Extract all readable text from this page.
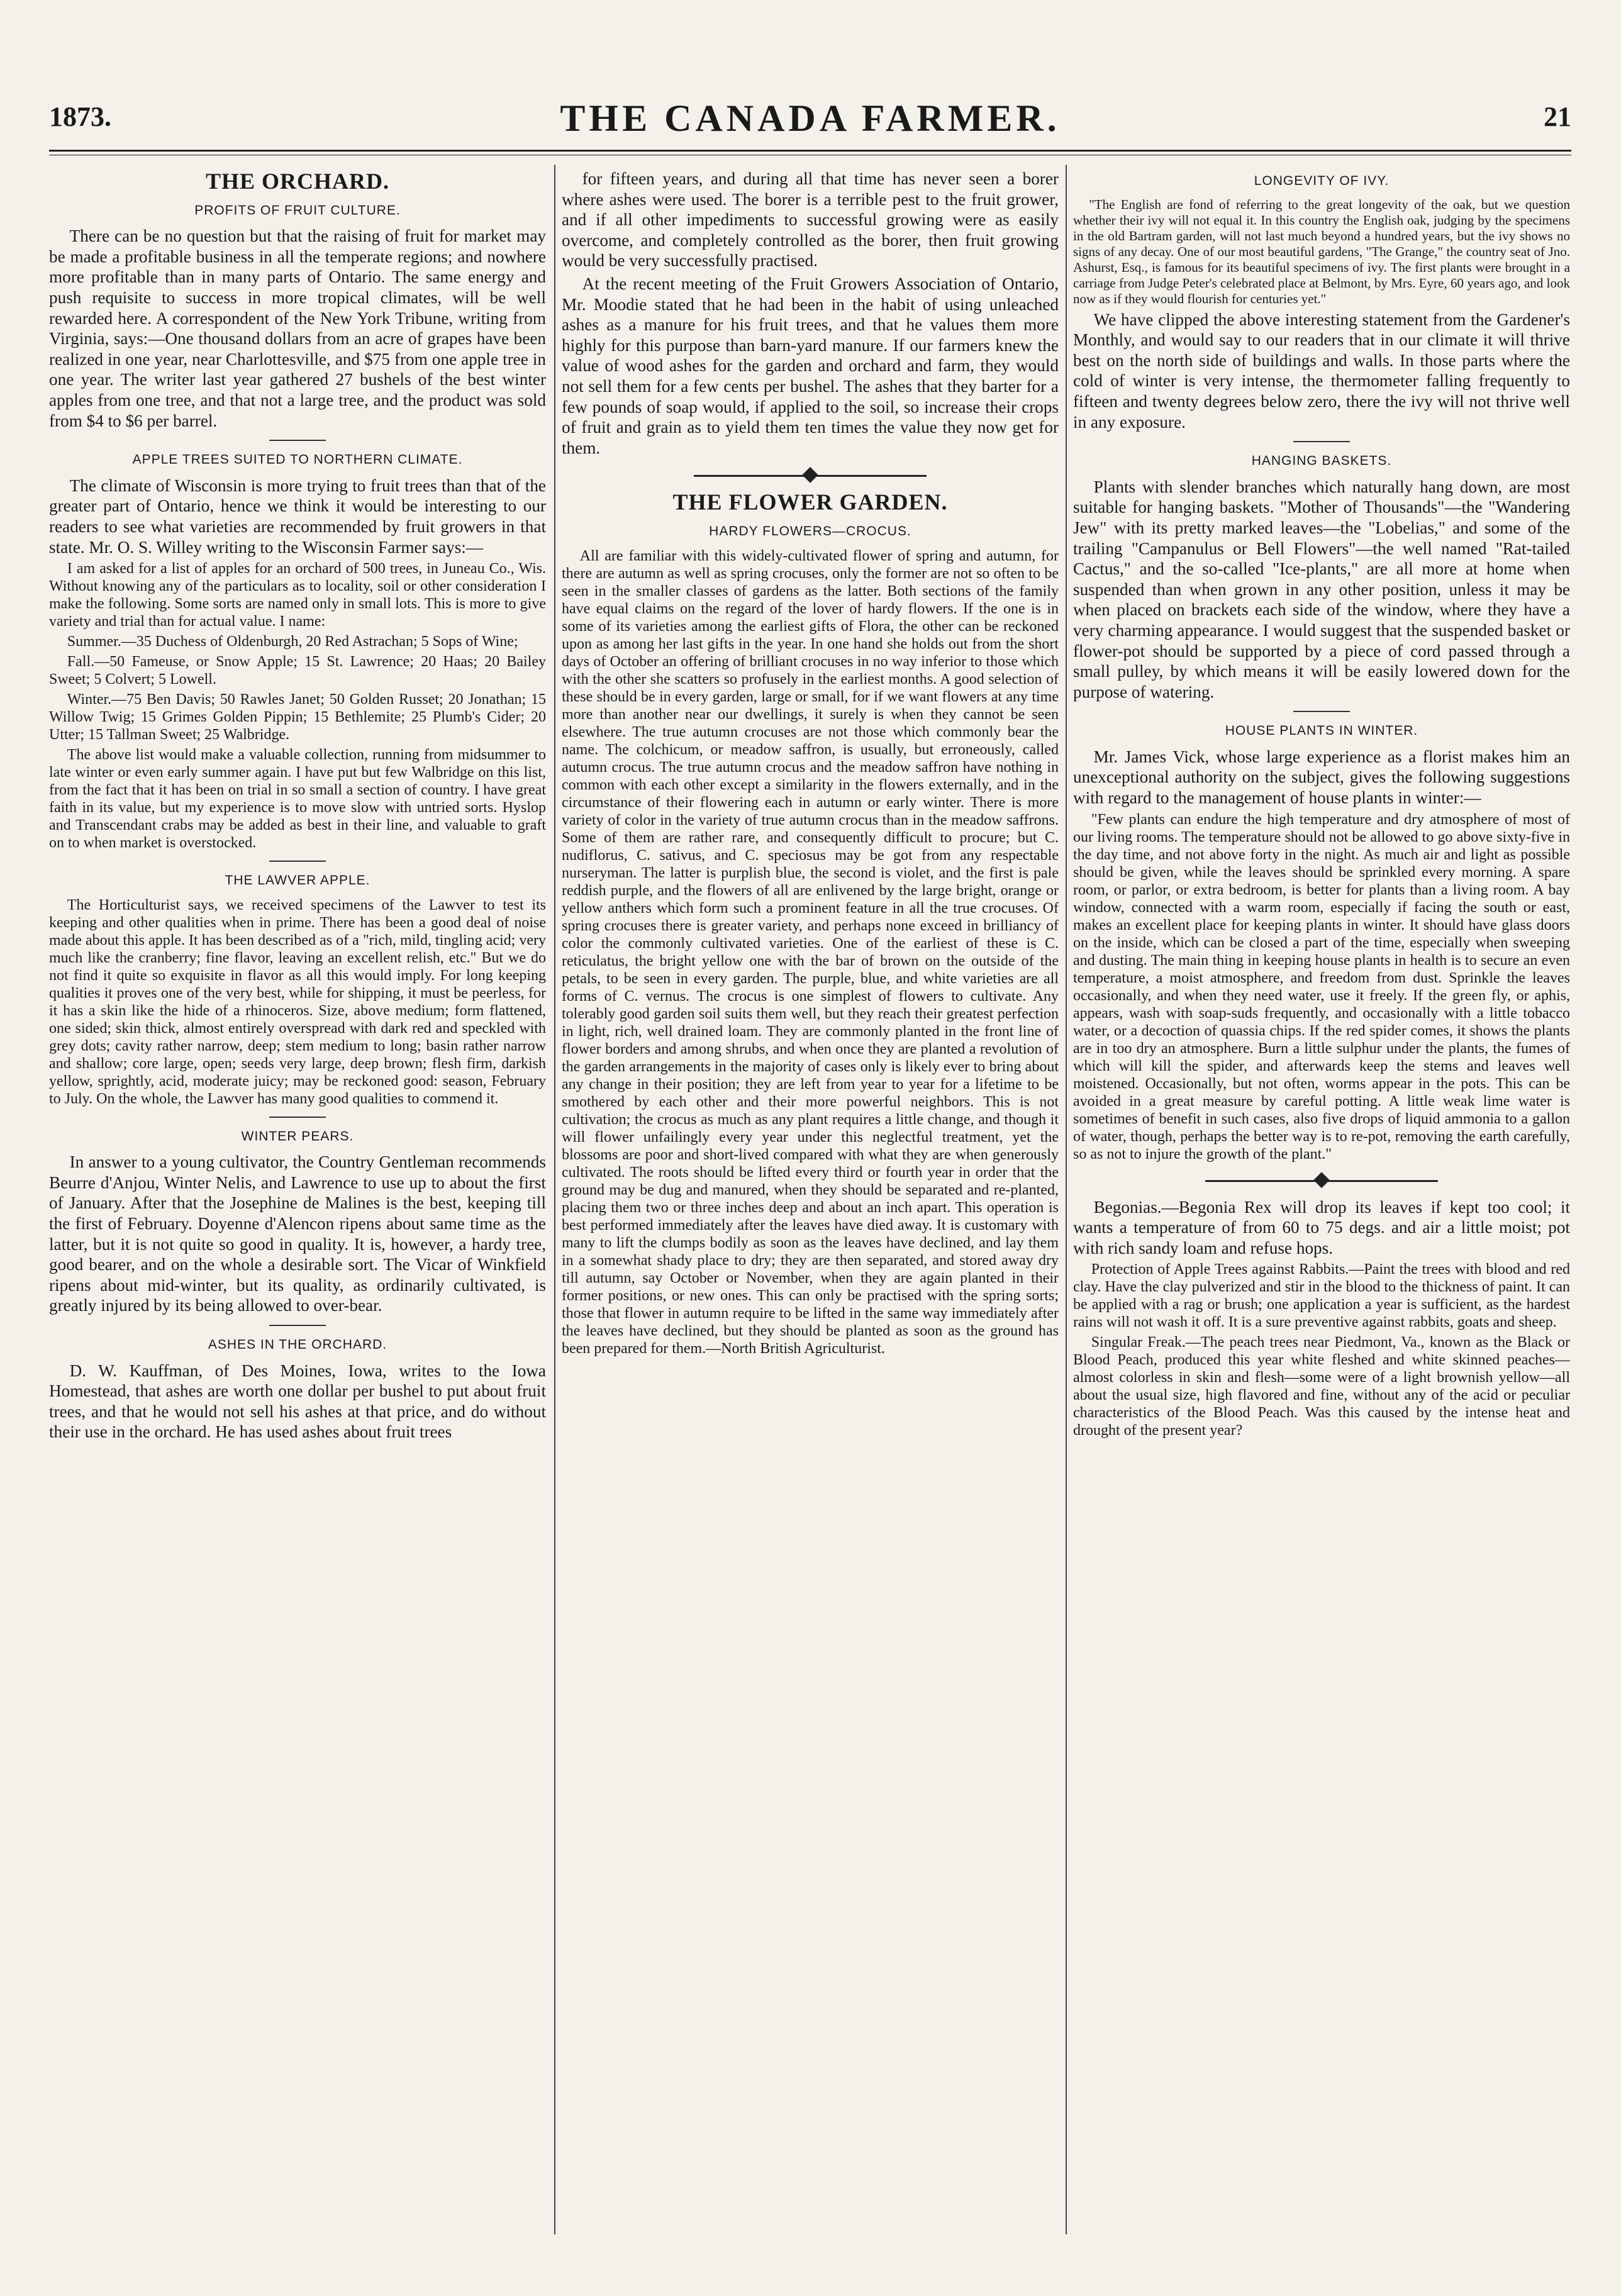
1873.	THE CANADA FARMER.	21
THE ORCHARD.
PROFITS OF FRUIT CULTURE.

There can be no question but that the raising of fruit for market may be made a profitable business in all the temperate regions; and nowhere more profitable than in many parts of Ontario. The same energy and push requisite to success in more tropical climates, will be well rewarded here. A correspondent of the New York Tribune, writing from Virginia, says:—One thousand dollars from an acre of grapes have been realized in one year, near Charlottesville, and $75 from one apple tree in one year. The writer last year gathered 27 bushels of the best winter apples from one tree, and that not a large tree, and the product was sold from $4 to $6 per barrel.

APPLE TREES SUITED TO NORTHERN CLIMATE.

The climate of Wisconsin is more trying to fruit trees than that of the greater part of Ontario, hence we think it would be interesting to our readers to see what varieties are recommended by fruit growers in that state. Mr. O. S. Willey writing to the Wisconsin Farmer says:—

I am asked for a list of apples for an orchard of 500 trees, in Juneau Co., Wis. Without knowing any of the particulars as to locality, soil or other consideration I make the following. Some sorts are named only in small lots. This is more to give variety and trial than for actual value. I name:

Summer.—35 Duchess of Oldenburgh, 20 Red Astrachan; 5 Sops of Wine;

Fall.—50 Fameuse, or Snow Apple; 15 St. Lawrence; 20 Haas; 20 Bailey Sweet; 5 Colvert; 5 Lowell.

Winter.—75 Ben Davis; 50 Rawles Janet; 50 Golden Russet; 20 Jonathan; 15 Willow Twig; 15 Grimes Golden Pippin; 15 Bethlemite; 25 Plumb's Cider; 20 Utter; 15 Tallman Sweet; 25 Walbridge.

The above list would make a valuable collection, running from midsummer to late winter or even early summer again. I have put but few Walbridge on this list, from the fact that it has been on trial in so small a section of country. I have great faith in its value, but my experience is to move slow with untried sorts. Hyslop and Transcendant crabs may be added as best in their line, and valuable to graft on to when market is overstocked.

THE LAWVER APPLE.

The Horticulturist says, we received specimens of the Lawver to test its keeping and other qualities when in prime. There has been a good deal of noise made about this apple. It has been described as of a "rich, mild, tingling acid; very much like the cranberry; fine flavor, leaving an excellent relish, etc." But we do not find it quite so exquisite in flavor as all this would imply. For long keeping qualities it proves one of the very best, while for shipping, it must be peerless, for it has a skin like the hide of a rhinoceros. Size, above medium; form flattened, one sided; skin thick, almost entirely overspread with dark red and speckled with grey dots; cavity rather narrow, deep; stem medium to long; basin rather narrow and shallow; core large, open; seeds very large, deep brown; flesh firm, darkish yellow, sprightly, acid, moderate juicy; may be reckoned good: season, February to July. On the whole, the Lawver has many good qualities to commend it.

WINTER PEARS.

In answer to a young cultivator, the Country Gentleman recommends Beurre d'Anjou, Winter Nelis, and Lawrence to use up to about the first of January. After that the Josephine de Malines is the best, keeping till the first of February. Doyenne d'Alencon ripens about same time as the latter, but it is not quite so good in quality. It is, however, a hardy tree, good bearer, and on the whole a desirable sort. The Vicar of Winkfield ripens about mid-winter, but its quality, as ordinarily cultivated, is greatly injured by its being allowed to over-bear.

ASHES IN THE ORCHARD.

D. W. Kauffman, of Des Moines, Iowa, writes to the Iowa Homestead, that ashes are worth one dollar per bushel to put about fruit trees, and that he would not sell his ashes at that price, and do without their use in the orchard. He has used ashes about fruit trees

for fifteen years, and during all that time has never seen a borer where ashes were used. The borer is a terrible pest to the fruit grower, and if all other impediments to successful growing were as easily overcome, and completely controlled as the borer, then fruit growing would be very successfully practised.

At the recent meeting of the Fruit Growers Association of Ontario, Mr. Moodie stated that he had been in the habit of using unleached ashes as a manure for his fruit trees, and that he values them more highly for this purpose than barn-yard manure. If our farmers knew the value of wood ashes for the garden and orchard and farm, they would not sell them for a few cents per bushel. The ashes that they barter for a few pounds of soap would, if applied to the soil, so increase their crops of fruit and grain as to yield them ten times the value they now get for them.

THE FLOWER GARDEN.
HARDY FLOWERS—CROCUS.

All are familiar with this widely-cultivated flower of spring and autumn, for there are autumn as well as spring crocuses, only the former are not so often to be seen in the smaller classes of gardens as the latter. Both sections of the family have equal claims on the regard of the lover of hardy flowers. If the one is in some of its varieties among the earliest gifts of Flora, the other can be reckoned upon as among her last gifts in the year. In one hand she holds out from the short days of October an offering of brilliant crocuses in no way inferior to those which with the other she scatters so profusely in the earliest months. A good selection of these should be in every garden, large or small, for if we want flowers at any time more than another near our dwellings, it surely is when they cannot be seen elsewhere. The true autumn crocuses are not those which commonly bear the name. The colchicum, or meadow saffron, is usually, but erroneously, called autumn crocus. The true autumn crocus and the meadow saffron have nothing in common with each other except a similarity in the flowers externally, and in the circumstance of their flowering each in autumn or early winter. There is more variety of color in the variety of true autumn crocus than in the meadow saffrons. Some of them are rather rare, and consequently difficult to procure; but C. nudiflorus, C. sativus, and C. speciosus may be got from any respectable nurseryman. The latter is purplish blue, the second is violet, and the first is pale reddish purple, and the flowers of all are enlivened by the large bright, orange or yellow anthers which form such a prominent feature in all the true crocuses. Of spring crocuses there is greater variety, and perhaps none exceed in brilliancy of color the commonly cultivated varieties. One of the earliest of these is C. reticulatus, the bright yellow one with the bar of brown on the outside of the petals, to be seen in every garden. The purple, blue, and white varieties are all forms of C. vernus. The crocus is one simplest of flowers to cultivate. Any tolerably good garden soil suits them well, but they reach their greatest perfection in light, rich, well drained loam. They are commonly planted in the front line of flower borders and among shrubs, and when once they are planted a revolution of the garden arrangements in the majority of cases only is likely ever to bring about any change in their position; they are left from year to year for a lifetime to be smothered by each other and their more powerful neighbors. This is not cultivation; the crocus as much as any plant requires a little change, and though it will flower unfailingly every year under this neglectful treatment, yet the blossoms are poor and short-lived compared with what they are when generously cultivated. The roots should be lifted every third or fourth year in order that the ground may be dug and manured, when they should be separated and re-planted, placing them two or three inches deep and about an inch apart. This operation is best performed immediately after the leaves have died away. It is customary with many to lift the clumps bodily as soon as the leaves have declined, and lay them in a somewhat shady place to dry; they are then separated, and stored away dry till autumn, say October or November, when they are again planted in their former positions, or new ones. This can only be practised with the spring sorts; those that flower in autumn require to be lifted in the same way immediately after the leaves have declined, but they should be planted as soon as the ground has been prepared for them.—North British Agriculturist.

LONGEVITY OF IVY.

"The English are fond of referring to the great longevity of the oak, but we question whether their ivy will not equal it. In this country the English oak, judging by the specimens in the old Bartram garden, will not last much beyond a hundred years, but the ivy shows no signs of any decay. One of our most beautiful gardens, "The Grange," the country seat of Jno. Ashurst, Esq., is famous for its beautiful specimens of ivy. The first plants were brought in a carriage from Judge Peter's celebrated place at Belmont, by Mrs. Eyre, 60 years ago, and look now as if they would flourish for centuries yet."

We have clipped the above interesting statement from the Gardener's Monthly, and would say to our readers that in our climate it will thrive best on the north side of buildings and walls. In those parts where the cold of winter is very intense, the thermometer falling frequently to fifteen and twenty degrees below zero, there the ivy will not thrive well in any exposure.

HANGING BASKETS.

Plants with slender branches which naturally hang down, are most suitable for hanging baskets. "Mother of Thousands"—the "Wandering Jew" with its pretty marked leaves—the "Lobelias," and some of the trailing "Campanulus or Bell Flowers"—the well named "Rat-tailed Cactus," and the so-called "Ice-plants," are all more at home when suspended than when grown in any other position, unless it may be when placed on brackets each side of the window, where they have a very charming appearance. I would suggest that the suspended basket or flower-pot should be supported by a piece of cord passed through a small pulley, by which means it will be easily lowered down for the purpose of watering.

HOUSE PLANTS IN WINTER.

Mr. James Vick, whose large experience as a florist makes him an unexceptional authority on the subject, gives the following suggestions with regard to the management of house plants in winter:—

"Few plants can endure the high temperature and dry atmosphere of most of our living rooms. The temperature should not be allowed to go above sixty-five in the day time, and not above forty in the night. As much air and light as possible should be given, while the leaves should be sprinkled every morning. A spare room, or parlor, or extra bedroom, is better for plants than a living room. A bay window, connected with a warm room, especially if facing the south or east, makes an excellent place for keeping plants in winter. It should have glass doors on the inside, which can be closed a part of the time, especially when sweeping and dusting. The main thing in keeping house plants in health is to secure an even temperature, a moist atmosphere, and freedom from dust. Sprinkle the leaves occasionally, and when they need water, use it freely. If the green fly, or aphis, appears, wash with soap-suds frequently, and occasionally with a little tobacco water, or a decoction of quassia chips. If the red spider comes, it shows the plants are in too dry an atmosphere. Burn a little sulphur under the plants, the fumes of which will kill the spider, and afterwards keep the stems and leaves well moistened. Occasionally, but not often, worms appear in the pots. This can be avoided in a great measure by careful potting. A little weak lime water is sometimes of benefit in such cases, also five drops of liquid ammonia to a gallon of water, though, perhaps the better way is to re-pot, removing the earth carefully, so as not to injure the growth of the plant."

Begonias.—Begonia Rex will drop its leaves if kept too cool; it wants a temperature of from 60 to 75 degs. and air a little moist; pot with rich sandy loam and refuse hops.

Protection of Apple Trees against Rabbits.—Paint the trees with blood and red clay. Have the clay pulverized and stir in the blood to the thickness of paint. It can be applied with a rag or brush; one application a year is sufficient, as the hardest rains will not wash it off. It is a sure preventive against rabbits, goats and sheep.

Singular Freak.—The peach trees near Piedmont, Va., known as the Black or Blood Peach, produced this year white fleshed and white skinned peaches—almost colorless in skin and flesh—some were of a light brownish yellow—all about the usual size, high flavored and fine, without any of the acid or peculiar characteristics of the Blood Peach. Was this caused by the intense heat and drought of the present year?
